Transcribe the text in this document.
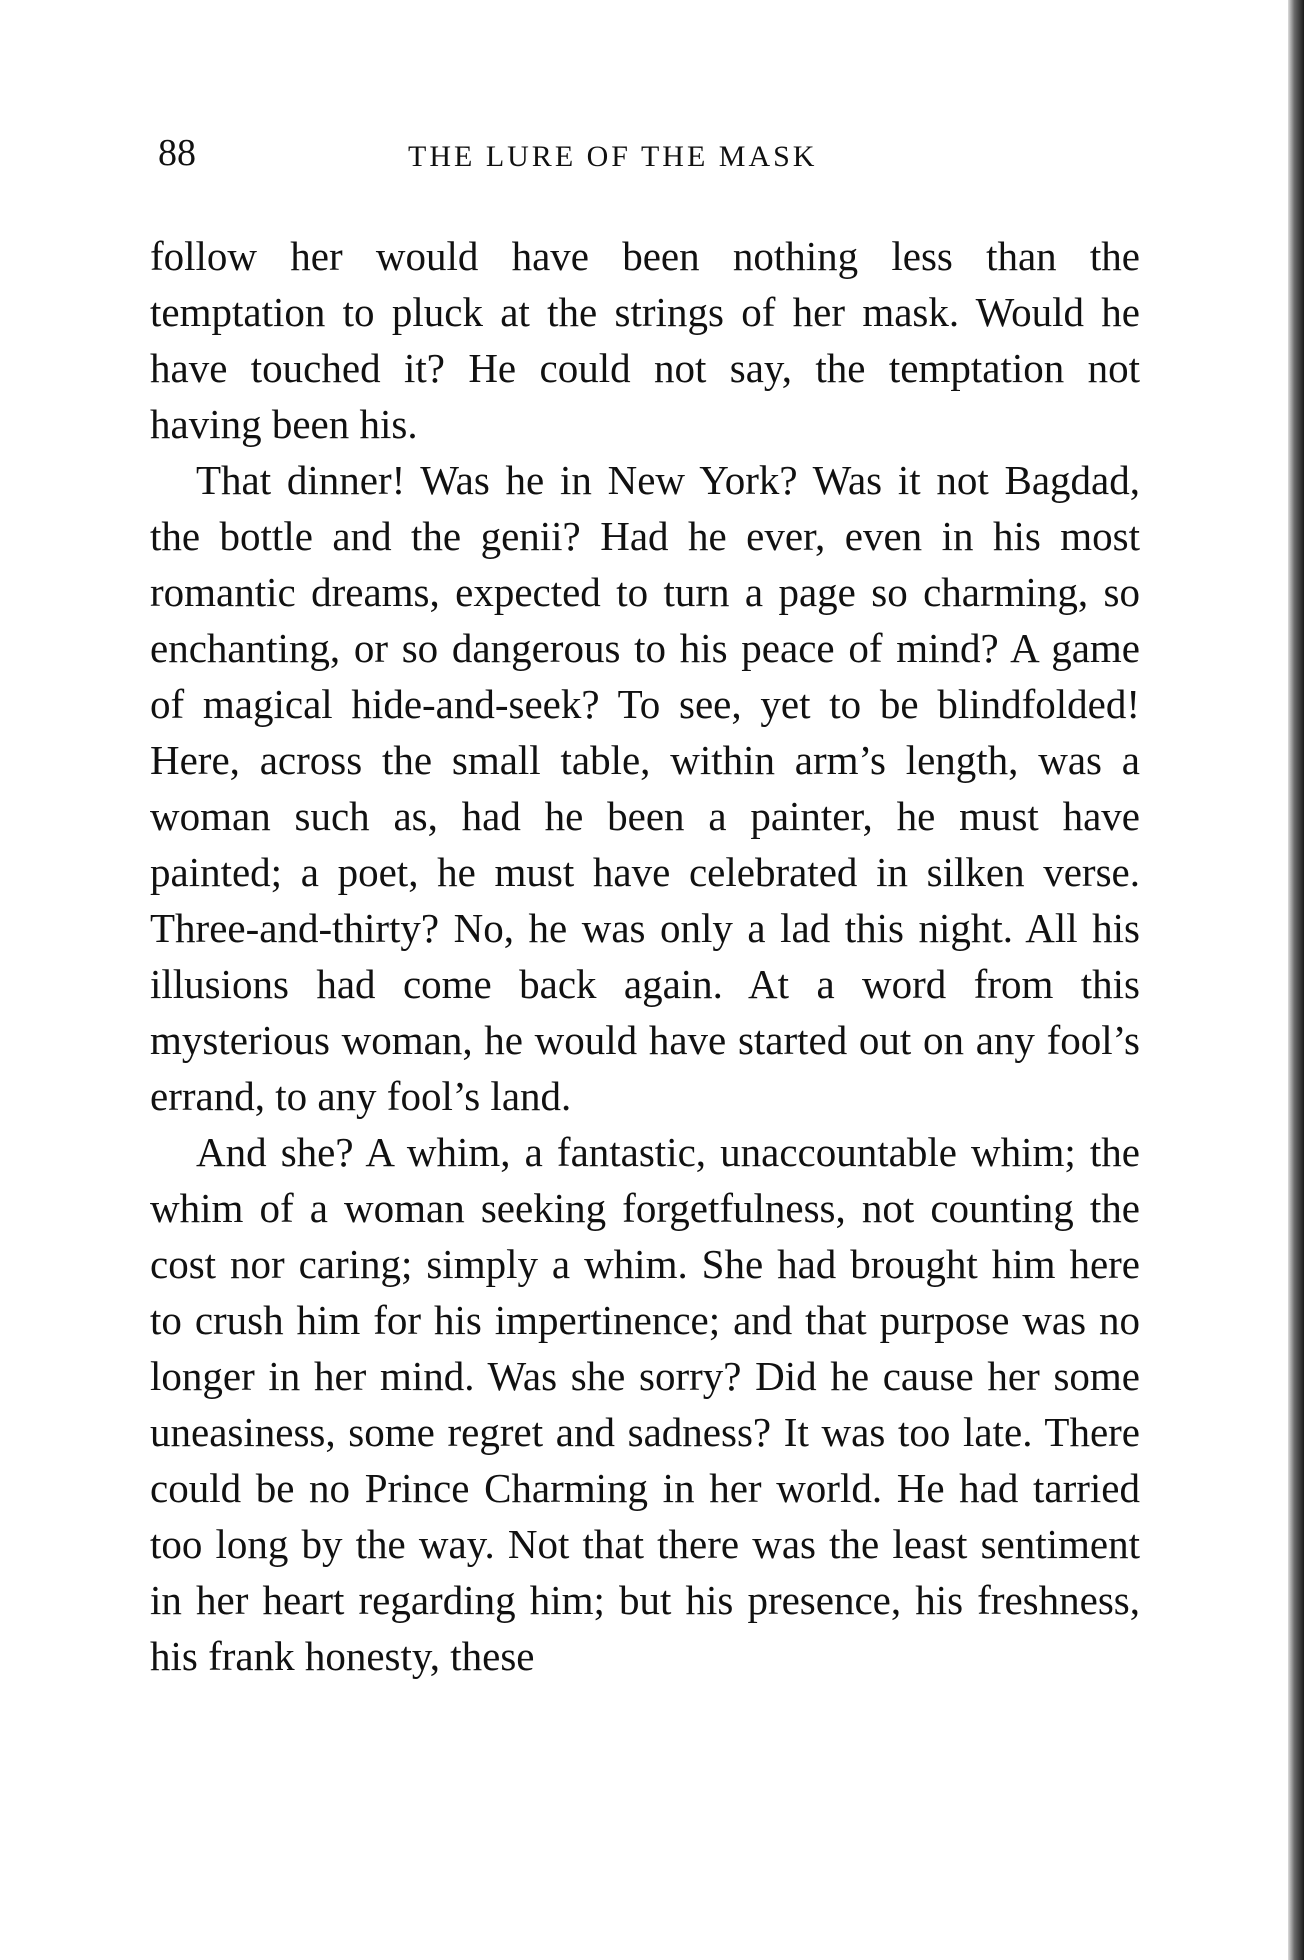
88	THE LURE OF THE MASK

follow her would have been nothing less than the temptation to pluck at the strings of her mask. Would he have touched it? He could not say, the temptation not having been his.

That dinner! Was he in New York? Was it not Bagdad, the bottle and the genii? Had he ever, even in his most romantic dreams, expected to turn a page so charming, so enchanting, or so dangerous to his peace of mind? A game of magical hide-and-seek? To see, yet to be blindfolded! Here, across the small table, within arm’s length, was a woman such as, had he been a painter, he must have painted; a poet, he must have celebrated in silken verse. Three-and-thirty? No, he was only a lad this night. All his illusions had come back again. At a word from this mysterious woman, he would have started out on any fool’s errand, to any fool’s land.

And she? A whim, a fantastic, unaccountable whim; the whim of a woman seeking forgetfulness, not counting the cost nor caring; simply a whim. She had brought him here to crush him for his impertinence; and that purpose was no longer in her mind. Was she sorry? Did he cause her some uneasiness, some regret and sadness? It was too late. There could be no Prince Charming in her world. He had tarried too long by the way. Not that there was the least sentiment in her heart regarding him; but his presence, his freshness, his frank honesty, these
